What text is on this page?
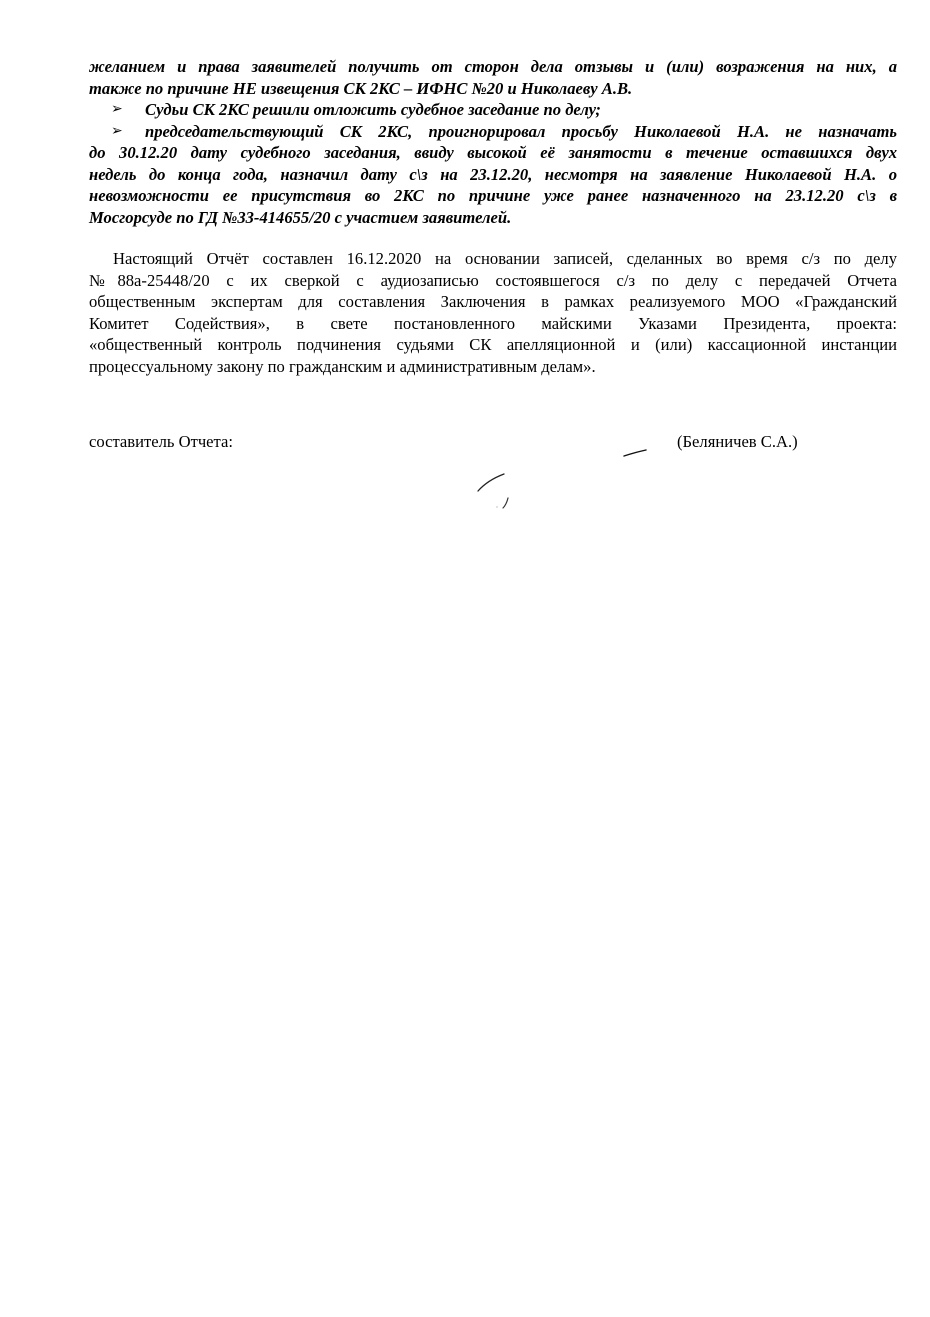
желанием и права заявителей получить от сторон дела отзывы и (или) возражения на них, а
также по причине НЕ извещения СК 2КС – ИФНС №20 и Николаеву А.В.
➢ Судьи СК 2КС решили отложить судебное заседание по делу;
➢ председательствующий СК 2КС, проигнорировал просьбу Николаевой Н.А. не назначать
до 30.12.20 дату судебного заседания, ввиду высокой её занятости в течение оставшихся двух
недель до конца года, назначил дату с\з на 23.12.20, несмотря на заявление Николаевой Н.А. о
невозможности ее присутствия во 2КС по причине уже ранее назначенного на 23.12.20 с\з в
Мосгорсуде по ГД №33-414655/20 с участием заявителей.
Настоящий Отчёт составлен 16.12.2020 на основании записей, сделанных во время с/з по делу
№88а-25448/20 с их сверкой с аудиозаписью состоявшегося с/з по делу с передачей Отчета
общественным экспертам для составления Заключения в рамках реализуемого МОО «Гражданский
Комитет Содействия», в свете постановленного майскими Указами Президента, проекта:
«общественный контроль подчинения судьями СК апелляционной и (или) кассационной инстанции
процессуальному закону по гражданским и административным делам».
составитель Отчета:	(Беляничев С.А.)
